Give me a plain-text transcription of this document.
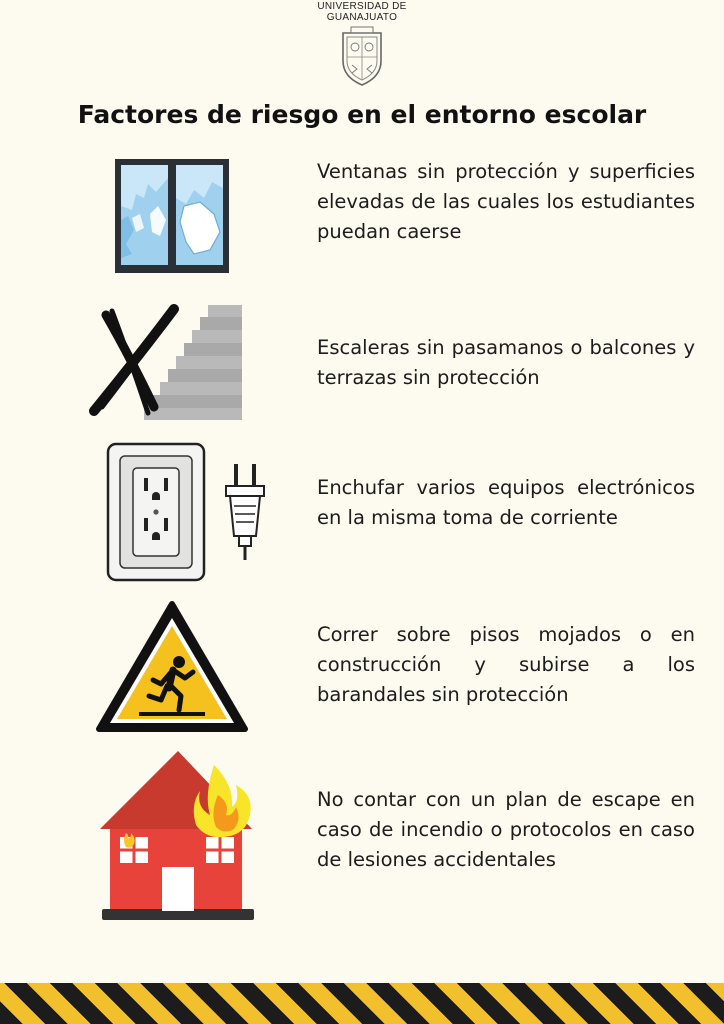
UNIVERSIDAD DE
GUANAJUATO
Factores de riesgo en el entorno escolar
Ventanas sin protección y superficies elevadas de las cuales los estudiantes puedan caerse
Escaleras sin pasamanos o balcones y terrazas sin protección
Enchufar varios equipos electrónicos en la misma toma de corriente
Correr sobre pisos mojados o en construcción y subirse a los barandales sin protección
No contar con un plan de escape en caso de incendio o protocolos en caso de lesiones accidentales
